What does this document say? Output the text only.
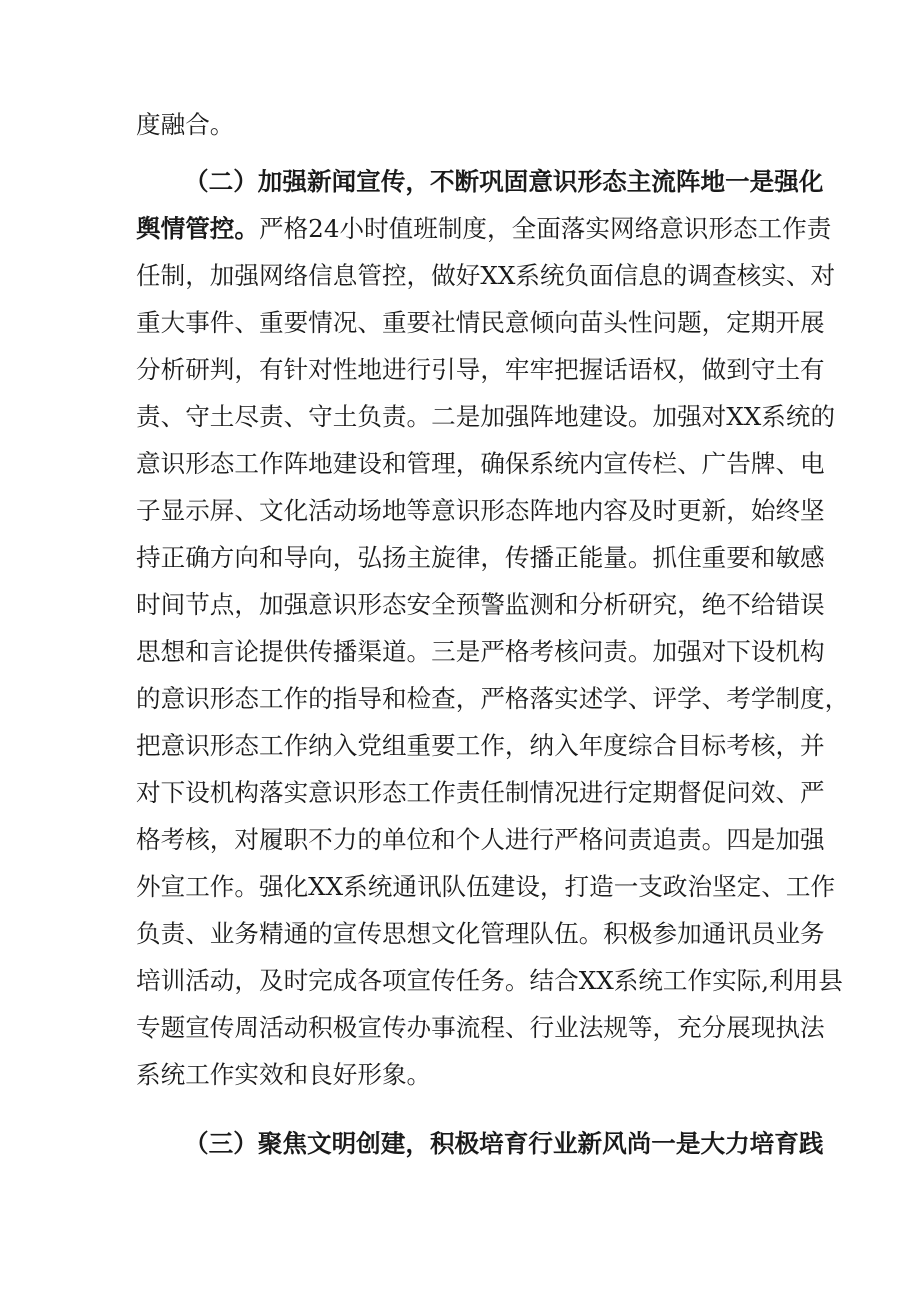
度融合。
（二）加强新闻宣传，不断巩固意识形态主流阵地一是强化
舆情管控。严格24小时值班制度，全面落实网络意识形态工作责
任制，加强网络信息管控，做好XX系统负面信息的调查核实、对
重大事件、重要情况、重要社情民意倾向苗头性问题，定期开展
分析研判，有针对性地进行引导，牢牢把握话语权，做到守土有
责、守土尽责、守土负责。二是加强阵地建设。加强对XX系统的
意识形态工作阵地建设和管理，确保系统内宣传栏、广告牌、电
子显示屏、文化活动场地等意识形态阵地内容及时更新，始终坚
持正确方向和导向，弘扬主旋律，传播正能量。抓住重要和敏感
时间节点，加强意识形态安全预警监测和分析研究，绝不给错误
思想和言论提供传播渠道。三是严格考核问责。加强对下设机构
的意识形态工作的指导和检查，严格落实述学、评学、考学制度，
把意识形态工作纳入党组重要工作，纳入年度综合目标考核，并
对下设机构落实意识形态工作责任制情况进行定期督促问效、严
格考核，对履职不力的单位和个人进行严格问责追责。四是加强
外宣工作。强化XX系统通讯队伍建设，打造一支政治坚定、工作
负责、业务精通的宣传思想文化管理队伍。积极参加通讯员业务
培训活动，及时完成各项宣传任务。结合XX系统工作实际,利用县
专题宣传周活动积极宣传办事流程、行业法规等，充分展现执法
系统工作实效和良好形象。
（三）聚焦文明创建，积极培育行业新风尚一是大力培育践
